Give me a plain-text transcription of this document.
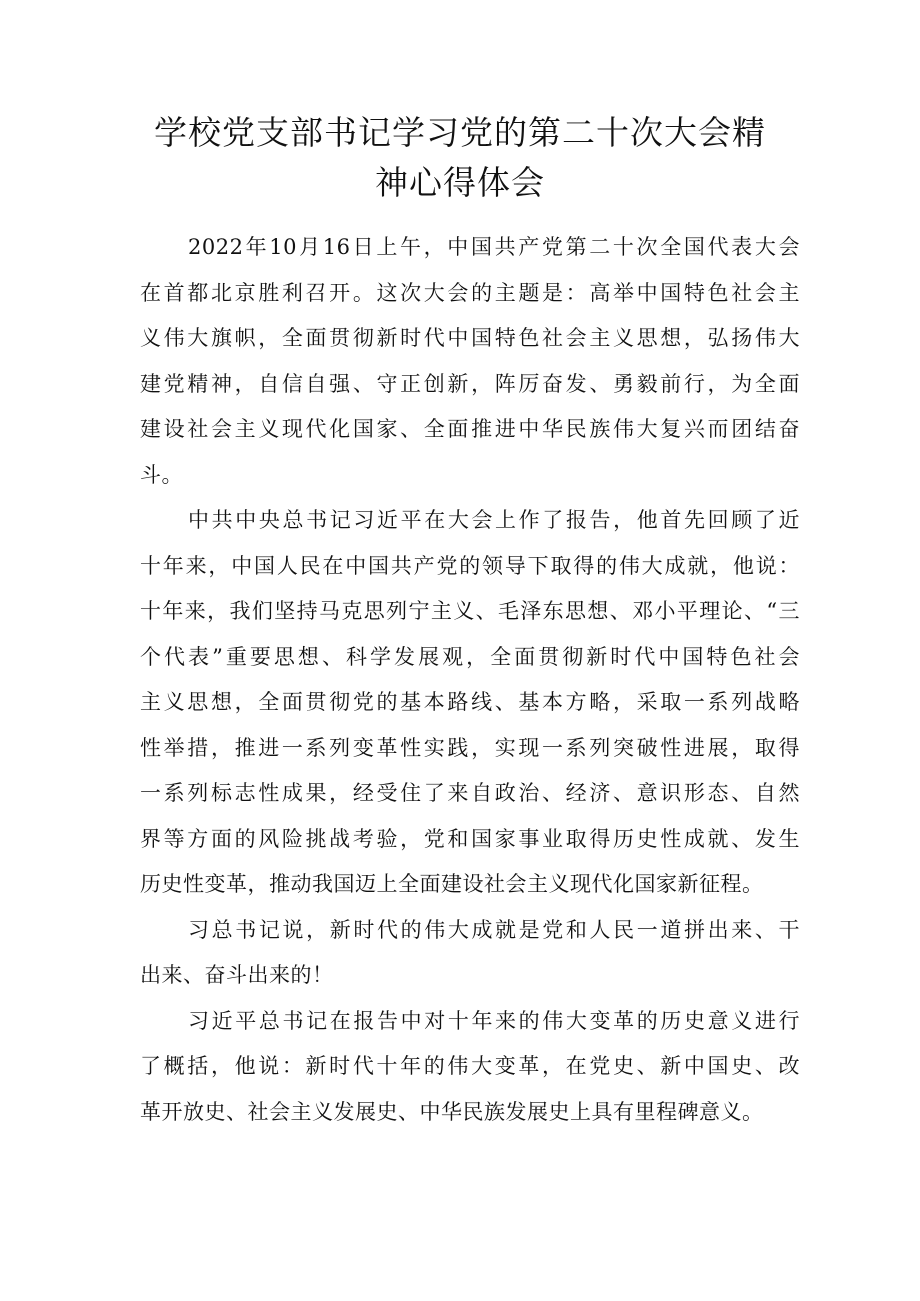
学校党支部书记学习党的第二十次大会精
神心得体会

2022年10月16日上午，中国共产党第二十次全国代表大会
在首都北京胜利召开。这次大会的主题是：高举中国特色社会主
义伟大旗帜，全面贯彻新时代中国特色社会主义思想，弘扬伟大
建党精神，自信自强、守正创新，阵厉奋发、勇毅前行，为全面
建设社会主义现代化国家、全面推进中华民族伟大复兴而团结奋
斗。

中共中央总书记习近平在大会上作了报告，他首先回顾了近
十年来，中国人民在中国共产党的领导下取得的伟大成就，他说：
十年来，我们坚持马克思列宁主义、毛泽东思想、邓小平理论、“三
个代表”重要思想、科学发展观，全面贯彻新时代中国特色社会
主义思想，全面贯彻党的基本路线、基本方略，采取一系列战略
性举措，推进一系列变革性实践，实现一系列突破性进展，取得
一系列标志性成果，经受住了来自政治、经济、意识形态、自然
界等方面的风险挑战考验，党和国家事业取得历史性成就、发生
历史性变革，推动我国迈上全面建设社会主义现代化国家新征程。

习总书记说，新时代的伟大成就是党和人民一道拼出来、干
出来、奋斗出来的！

习近平总书记在报告中对十年来的伟大变革的历史意义进行
了概括，他说：新时代十年的伟大变革，在党史、新中国史、改
革开放史、社会主义发展史、中华民族发展史上具有里程碑意义。
